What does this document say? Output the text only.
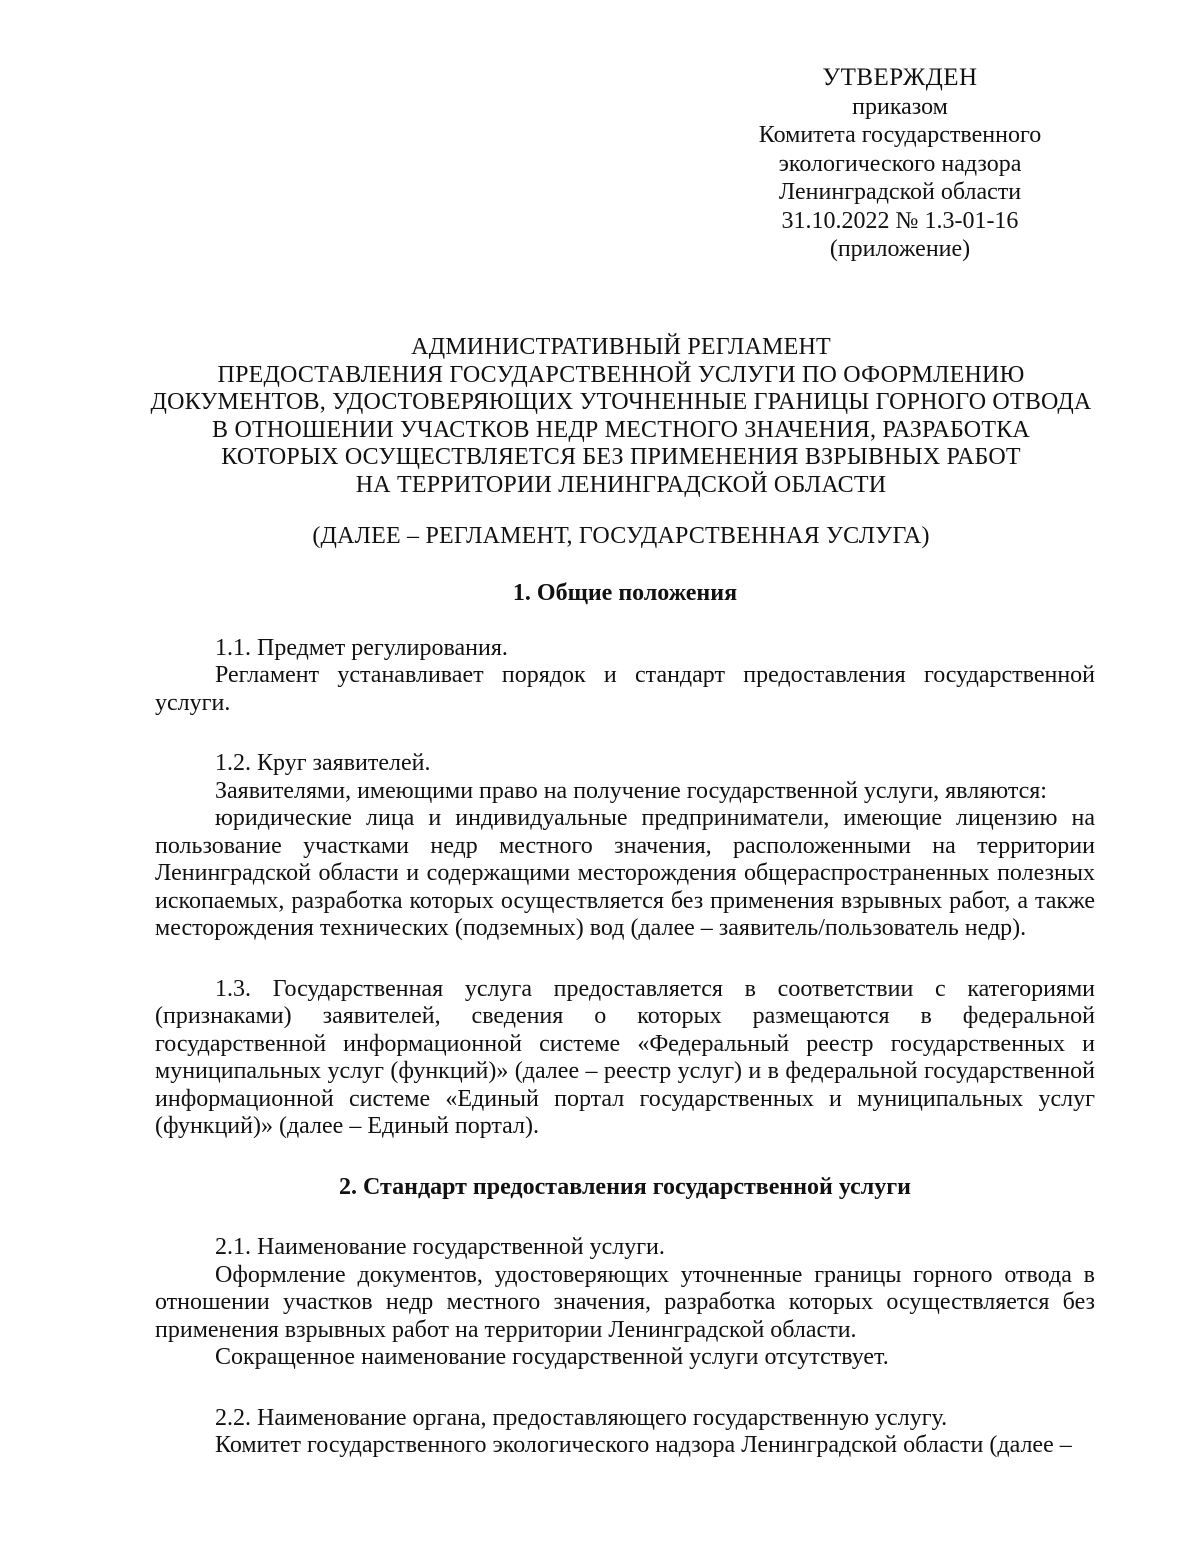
УТВЕРЖДЕН
приказом
Комитета государственного
экологического надзора
Ленинградской области
31.10.2022 № 1.3-01-16
(приложение)
АДМИНИСТРАТИВНЫЙ РЕГЛАМЕНТ
ПРЕДОСТАВЛЕНИЯ ГОСУДАРСТВЕННОЙ УСЛУГИ ПО ОФОРМЛЕНИЮ
ДОКУМЕНТОВ, УДОСТОВЕРЯЮЩИХ УТОЧНЕННЫЕ ГРАНИЦЫ ГОРНОГО ОТВОДА
В ОТНОШЕНИИ УЧАСТКОВ НЕДР МЕСТНОГО ЗНАЧЕНИЯ, РАЗРАБОТКА
КОТОРЫХ ОСУЩЕСТВЛЯЕТСЯ БЕЗ ПРИМЕНЕНИЯ ВЗРЫВНЫХ РАБОТ
НА ТЕРРИТОРИИ ЛЕНИНГРАДСКОЙ ОБЛАСТИ
(ДАЛЕЕ – РЕГЛАМЕНТ, ГОСУДАРСТВЕННАЯ УСЛУГА)

1. Общие положения

1.1. Предмет регулирования.

Регламент устанавливает порядок и стандарт предоставления государственной услуги.

1.2. Круг заявителей.

Заявителями, имеющими право на получение государственной услуги, являются:

юридические лица и индивидуальные предприниматели, имеющие лицензию на пользование участками недр местного значения, расположенными на территории Ленинградской области и содержащими месторождения общераспространенных полезных ископаемых, разработка которых осуществляется без применения взрывных работ, а также месторождения технических (подземных) вод (далее – заявитель/пользователь недр).

1.3. Государственная услуга предоставляется в соответствии с категориями (признаками) заявителей, сведения о которых размещаются в федеральной государственной информационной системе «Федеральный реестр государственных и муниципальных услуг (функций)» (далее – реестр услуг) и в федеральной государственной информационной системе «Единый портал государственных и муниципальных услуг (функций)» (далее – Единый портал).

2. Стандарт предоставления государственной услуги

2.1. Наименование государственной услуги.

Оформление документов, удостоверяющих уточненные границы горного отвода в отношении участков недр местного значения, разработка которых осуществляется без применения взрывных работ на территории Ленинградской области.

Сокращенное наименование государственной услуги отсутствует.

2.2. Наименование органа, предоставляющего государственную услугу.

Комитет государственного экологического надзора Ленинградской области (далее –
